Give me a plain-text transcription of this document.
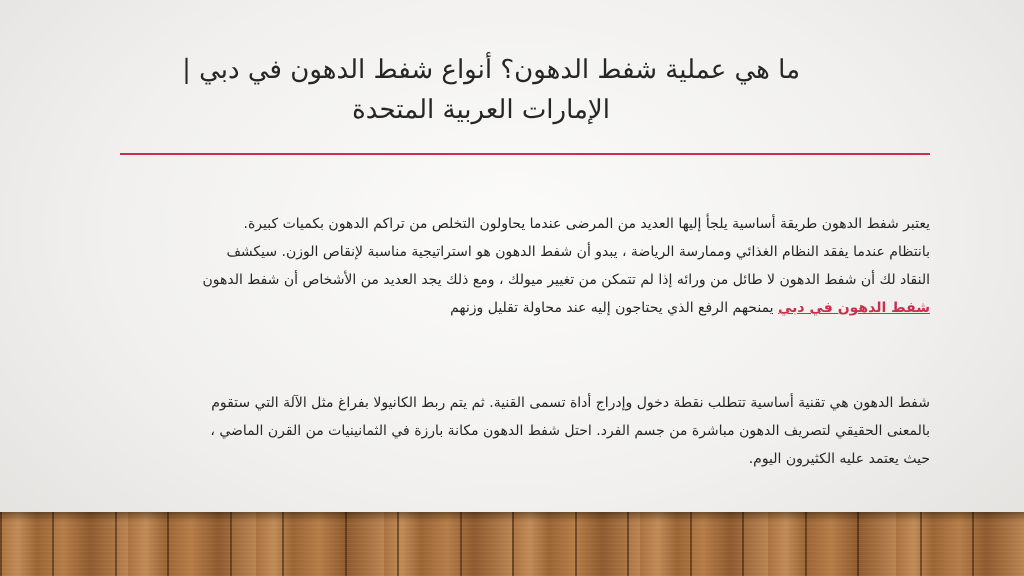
ما هي عملية شفط الدهون؟ أنواع شفط الدهون في دبي |
الإمارات العربية المتحدة

يعتبر شفط الدهون طريقة أساسية يلجأ إليها العديد من المرضى عندما يحاولون التخلص من تراكم الدهون بكميات كبيرة.
بانتظام عندما يفقد النظام الغذائي وممارسة الرياضة ، يبدو أن شفط الدهون هو استراتيجية مناسبة لإنقاص الوزن. سيكشف
النقاد لك أن شفط الدهون لا طائل من ورائه إذا لم تتمكن من تغيير ميولك ، ومع ذلك يجد العديد من الأشخاص أن شفط الدهون
شفط الدهون في دبي يمنحهم الرفع الذي يحتاجون إليه عند محاولة تقليل وزنهم

شفط الدهون هي تقنية أساسية تتطلب نقطة دخول وإدراج أداة تسمى القنية. ثم يتم ربط الكانيولا بفراغ مثل الآلة التي ستقوم
بالمعنى الحقيقي لتصريف الدهون مباشرة من جسم الفرد. احتل شفط الدهون مكانة بارزة في الثمانينيات من القرن الماضي ،
حيث يعتمد عليه الكثيرون اليوم.
